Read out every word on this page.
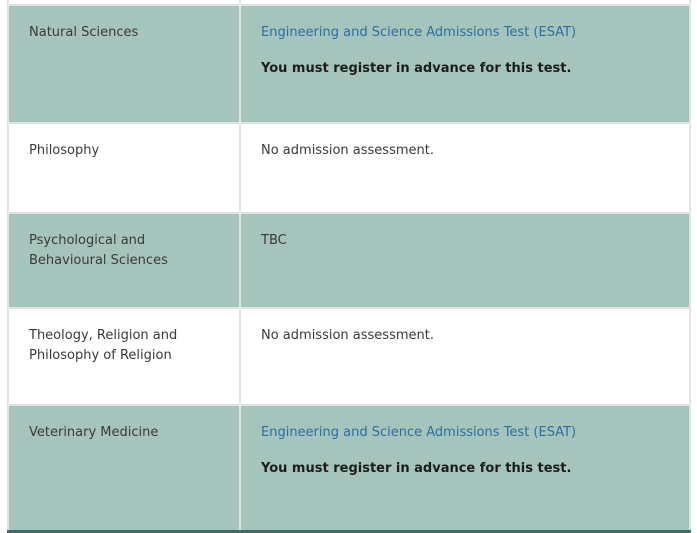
Natural Sciences	Engineering and Science Admissions Test (ESAT)

You must register in advance for this test.

Philosophy	No admission assessment.

Psychological and Behavioural Sciences	TBC

Theology, Religion and Philosophy of Religion	No admission assessment.

Veterinary Medicine	Engineering and Science Admissions Test (ESAT)

You must register in advance for this test.
